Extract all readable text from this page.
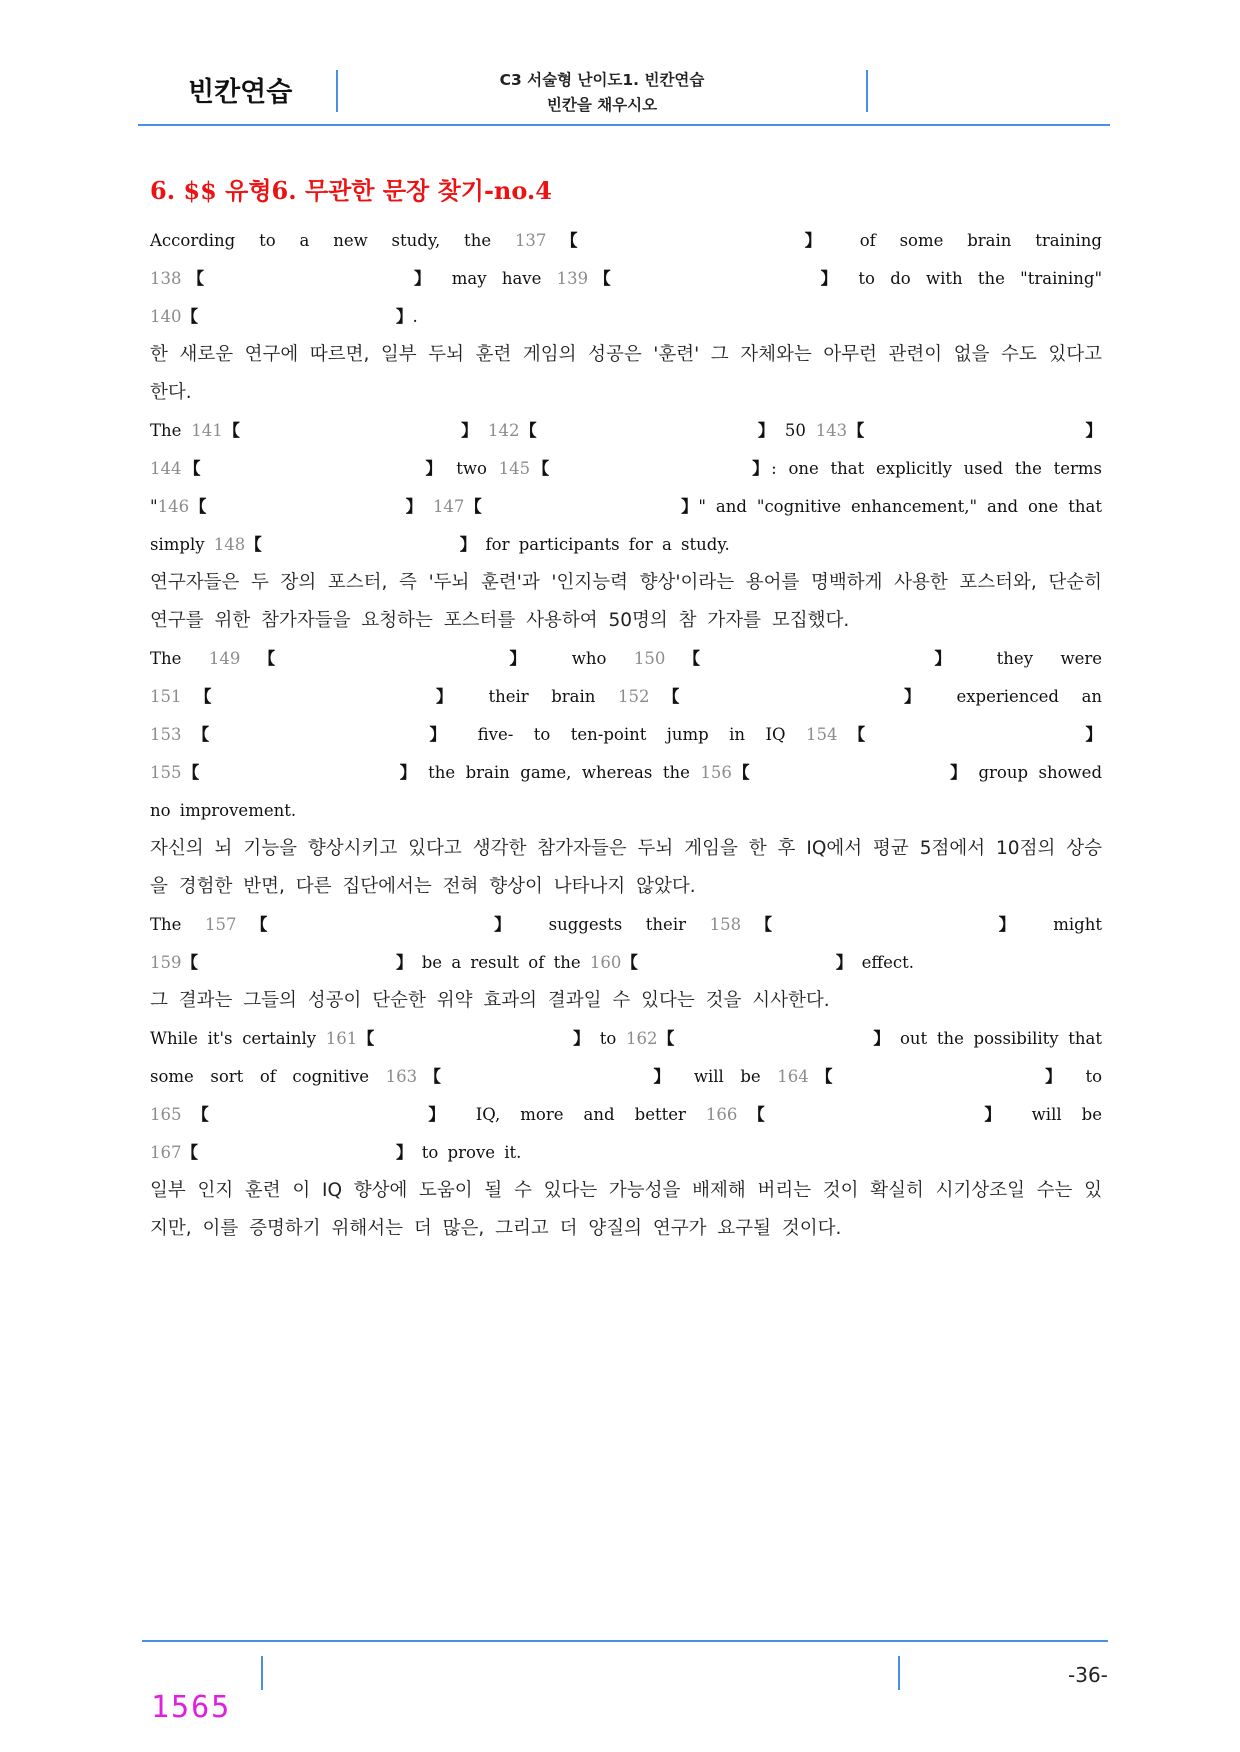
빈칸연습	C3 서술형 난이도1. 빈칸연습
빈칸을 채우시오
6. $$ 유형6. 무관한 문장 찾기-no.4

According to a new study, the 137【	】 of some brain training 138【	】 may have 139【	】 to do with the "training" 140【	】.

한 새로운 연구에 따르면, 일부 두뇌 훈련 게임의 성공은 '훈련' 그 자체와는 아무런 관련이 없을 수도 있다고 한다.

The 141【	】 142【	】 50 143【	】 144【	】 two 145【	】: one that explicitly used the terms "146【	】 147【	】" and "cognitive enhancement," and one that simply 148【	】 for participants for a study.

연구자들은 두 장의 포스터, 즉 '두뇌 훈련'과 '인지능력 향상'이라는 용어를 명백하게 사용한 포스터와, 단순히 연구를 위한 참가자들을 요청하는 포스터를 사용하여 50명의 참 가자를 모집했다.

The 149【	】 who 150【	】 they were 151【	】 their brain 152【	】 experienced an 153【	】 five- to ten-point jump in IQ 154【	】 155【	】 the brain game, whereas the 156【	】 group showed no improvement.

자신의 뇌 기능을 향상시키고 있다고 생각한 참가자들은 두뇌 게임을 한 후 IQ에서 평균 5점에서 10점의 상승을 경험한 반면, 다른 집단에서는 전혀 향상이 나타나지 않았다.

The 157【	】 suggests their 158【	】 might 159【	】 be a result of the 160【	】 effect.

그 결과는 그들의 성공이 단순한 위약 효과의 결과일 수 있다는 것을 시사한다.

While it's certainly 161【	】 to 162【	】 out the possibility that some sort of cognitive 163【	】 will be 164【	】 to 165【	】 IQ, more and better 166【	】 will be 167【	】 to prove it.

일부 인지 훈련 이 IQ 향상에 도움이 될 수 있다는 가능성을 배제해 버리는 것이 확실히 시기상조일 수는 있지만, 이를 증명하기 위해서는 더 많은, 그리고 더 양질의 연구가 요구될 것이다.

-36-
1565
